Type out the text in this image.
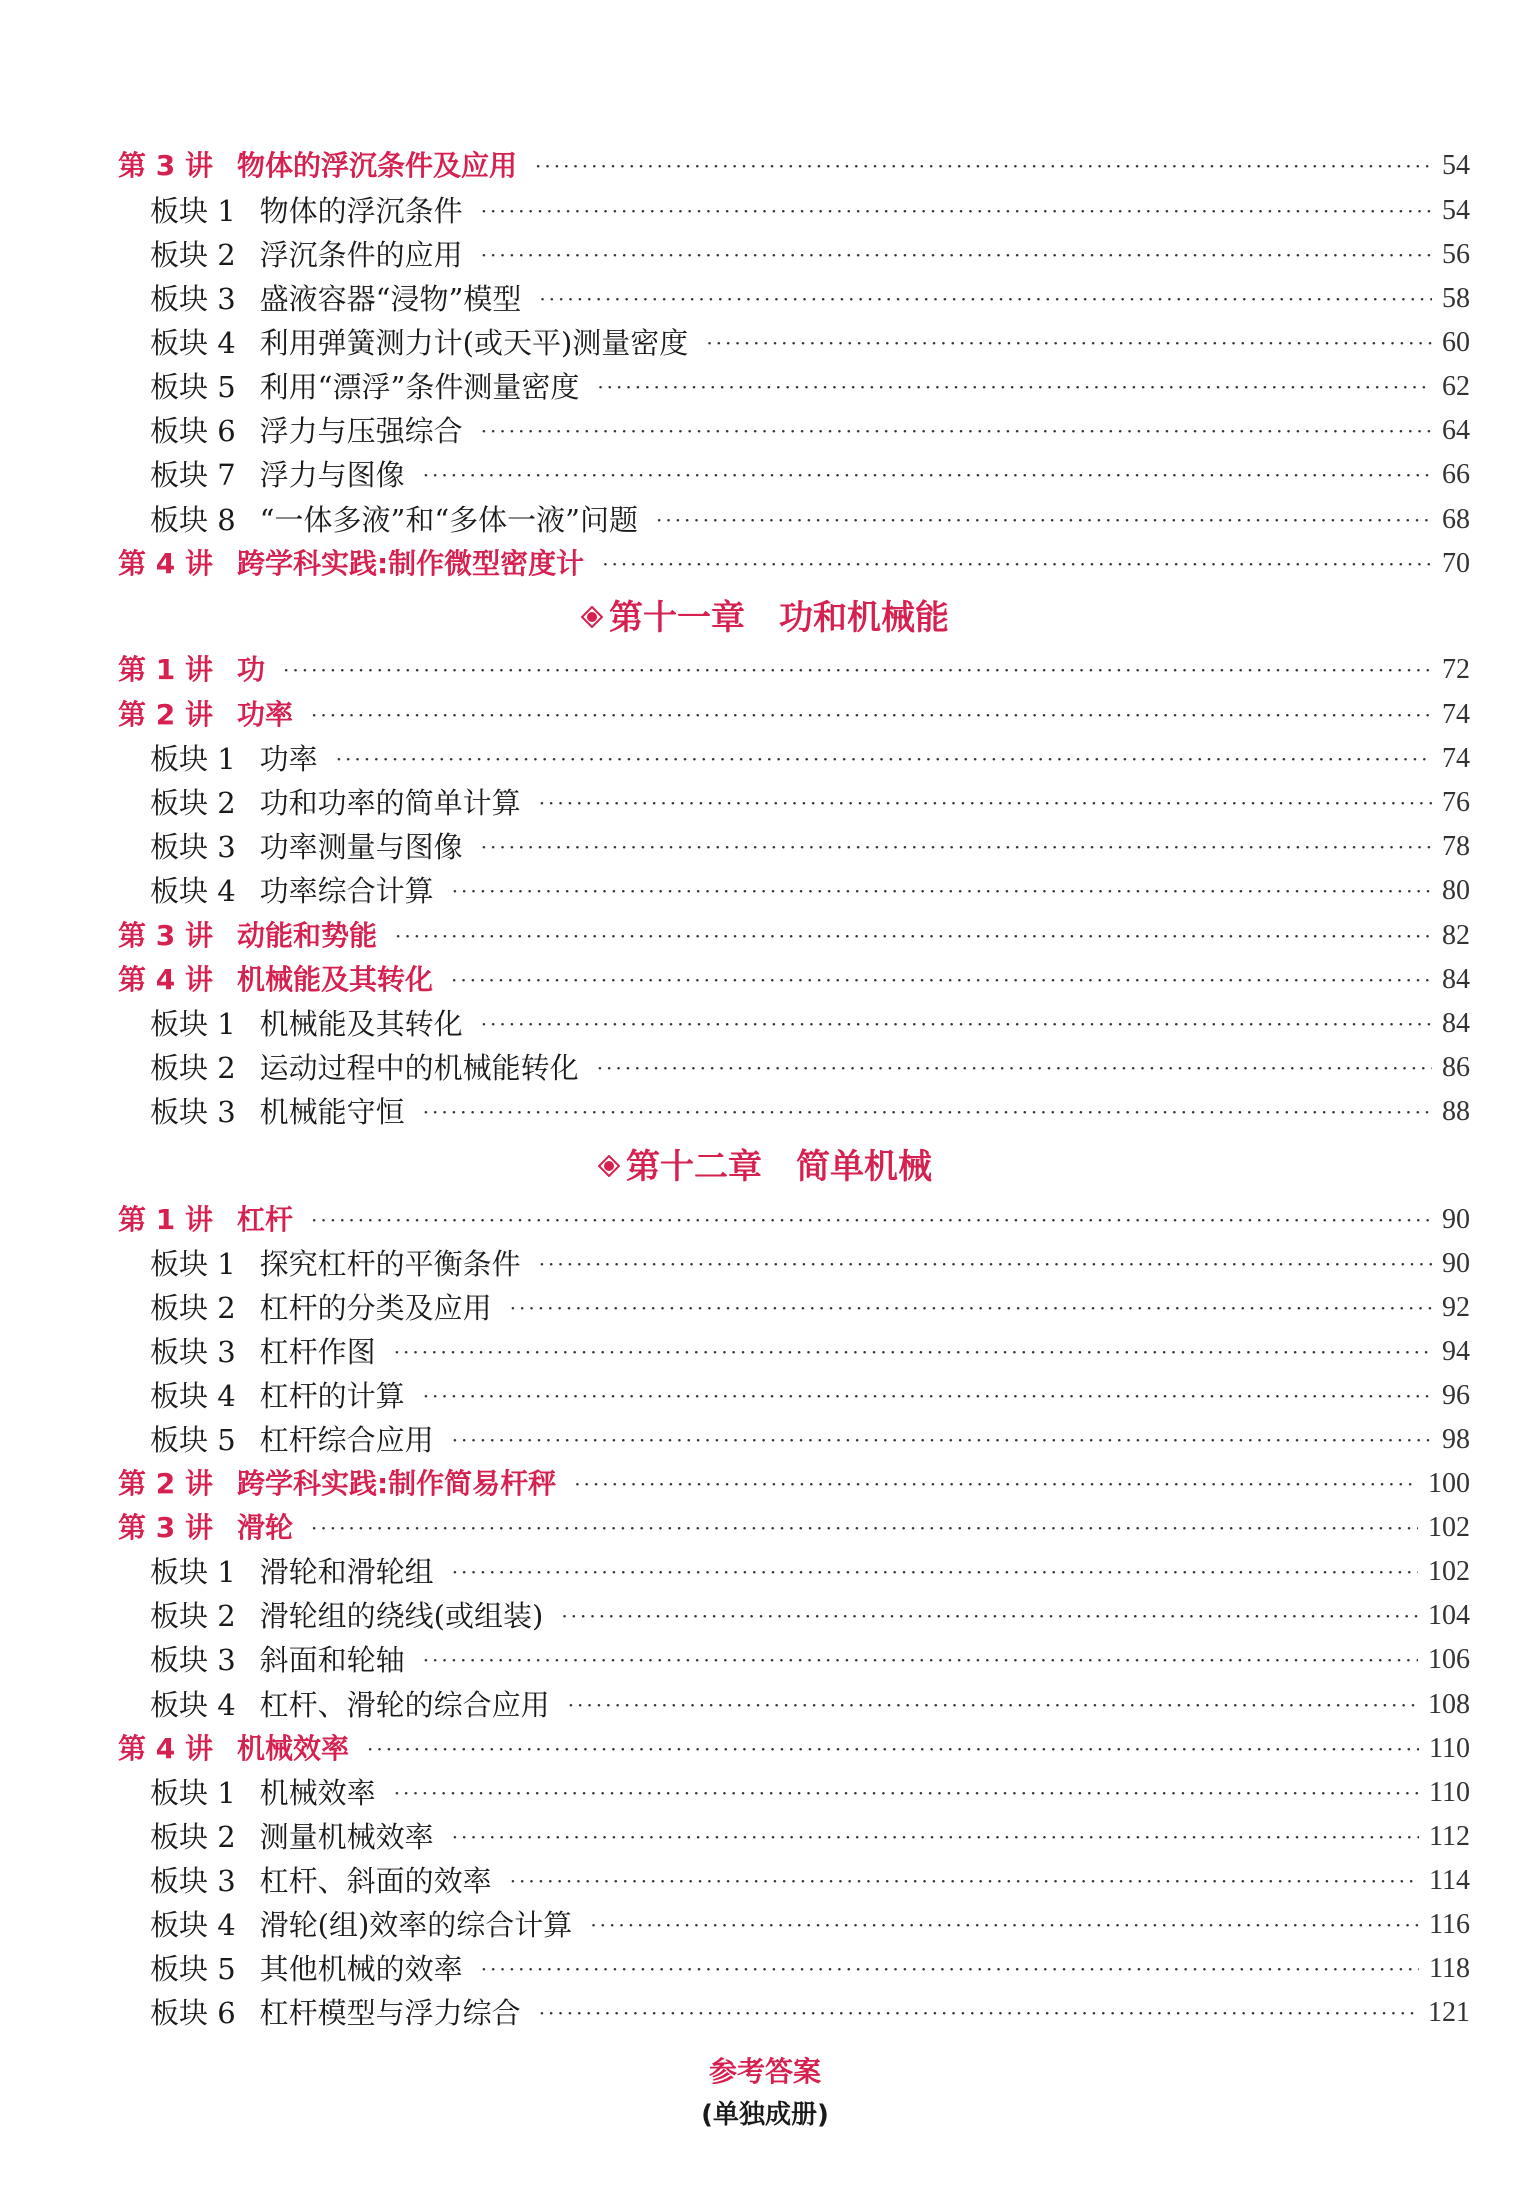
第 3 讲 物体的浮沉条件及应用 ·····	54
板块 1 物体的浮沉条件 ·····	54
板块 2 浮沉条件的应用 ·····	56
板块 3 盛液容器“浸物”模型 ·····	58
板块 4 利用弹簧测力计(或天平)测量密度 ·····	60
板块 5 利用“漂浮”条件测量密度 ·····	62
板块 6 浮力与压强综合 ·····	64
板块 7 浮力与图像 ·····	66
板块 8 “一体多液”和“多体一液”问题 ·····	68
第 4 讲 跨学科实践:制作微型密度计 ·····	70
第十一章 功和机械能
第 1 讲 功 ·····	72
第 2 讲 功率 ·····	74
板块 1 功率 ·····	74
板块 2 功和功率的简单计算 ·····	76
板块 3 功率测量与图像 ·····	78
板块 4 功率综合计算 ·····	80
第 3 讲 动能和势能 ·····	82
第 4 讲 机械能及其转化 ·····	84
板块 1 机械能及其转化 ·····	84
板块 2 运动过程中的机械能转化 ·····	86
板块 3 机械能守恒 ·····	88
第十二章 简单机械
第 1 讲 杠杆 ·····	90
板块 1 探究杠杆的平衡条件 ·····	90
板块 2 杠杆的分类及应用 ·····	92
板块 3 杠杆作图 ·····	94
板块 4 杠杆的计算 ·····	96
板块 5 杠杆综合应用 ·····	98
第 2 讲 跨学科实践:制作简易杆秤 ·····	100
第 3 讲 滑轮 ·····	102
板块 1 滑轮和滑轮组 ·····	102
板块 2 滑轮组的绕线(或组装) ·····	104
板块 3 斜面和轮轴 ·····	106
板块 4 杠杆、滑轮的综合应用 ·····	108
第 4 讲 机械效率 ·····	110
板块 1 机械效率 ·····	110
板块 2 测量机械效率 ·····	112
板块 3 杠杆、斜面的效率 ·····	114
板块 4 滑轮(组)效率的综合计算 ·····	116
板块 5 其他机械的效率 ·····	118
板块 6 杠杆模型与浮力综合 ·····	121
参考答案
(单独成册)
